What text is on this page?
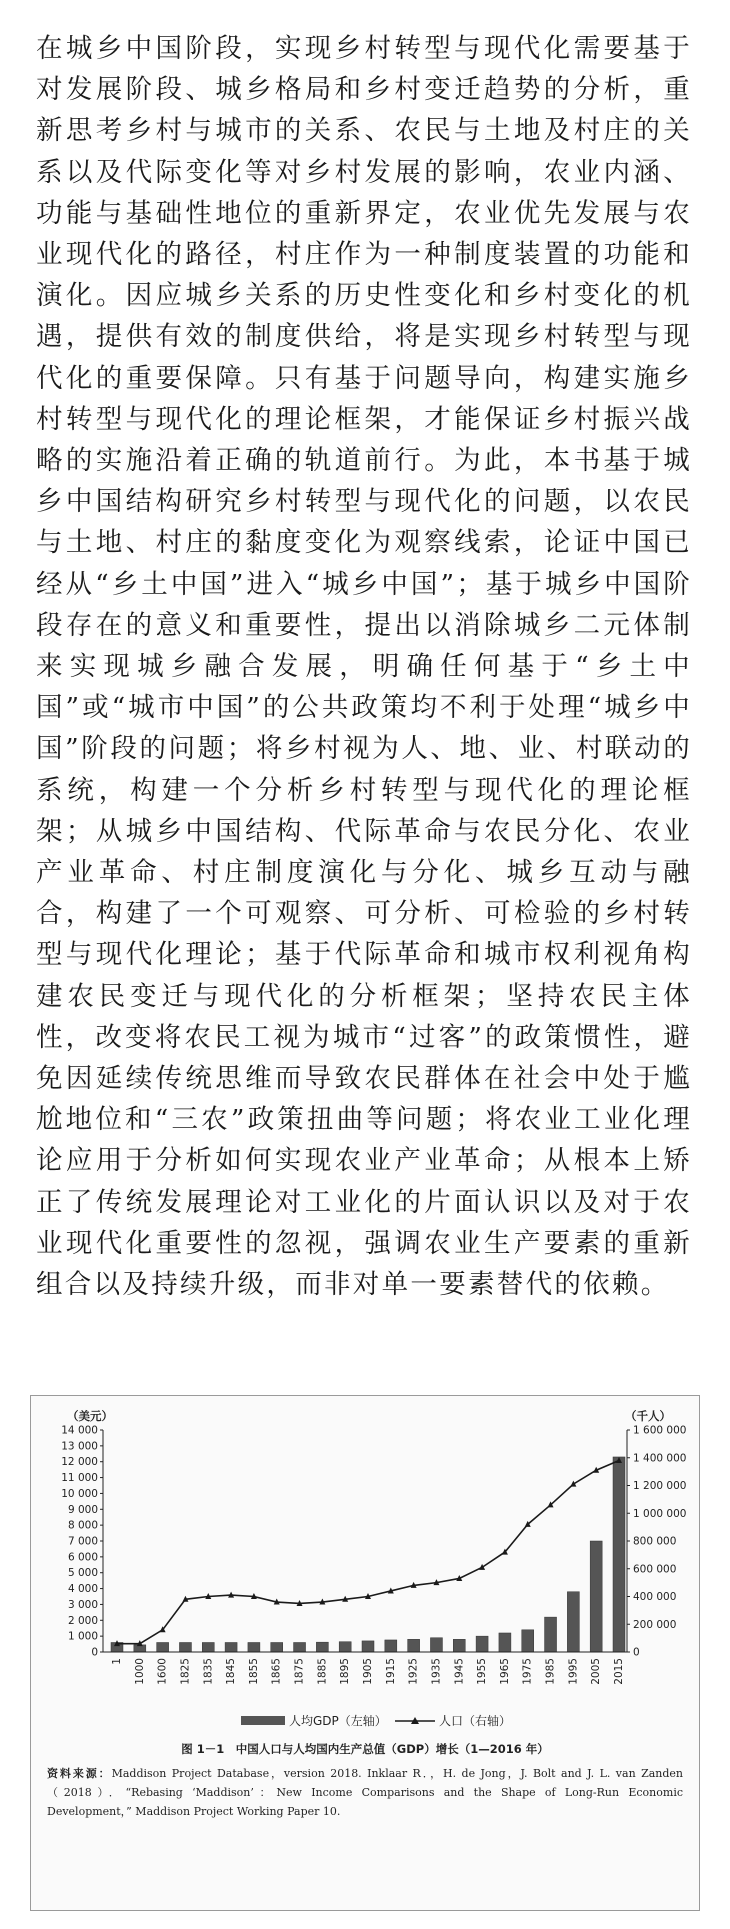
在城乡中国阶段，实现乡村转型与现代化需要基于对发展阶段、城乡格局和乡村变迁趋势的分析，重新思考乡村与城市的关系、农民与土地及村庄的关系以及代际变化等对乡村发展的影响，农业内涵、功能与基础性地位的重新界定，农业优先发展与农业现代化的路径，村庄作为一种制度装置的功能和演化。因应城乡关系的历史性变化和乡村变化的机遇，提供有效的制度供给，将是实现乡村转型与现代化的重要保障。只有基于问题导向，构建实施乡村转型与现代化的理论框架，才能保证乡村振兴战略的实施沿着正确的轨道前行。为此，本书基于城乡中国结构研究乡村转型与现代化的问题，以农民与土地、村庄的黏度变化为观察线索，论证中国已经从“乡土中国”进入“城乡中国”；基于城乡中国阶段存在的意义和重要性，提出以消除城乡二元体制来实现城乡融合发展，明确任何基于“乡土中国”或“城市中国”的公共政策均不利于处理“城乡中国”阶段的问题；将乡村视为人、地、业、村联动的系统，构建一个分析乡村转型与现代化的理论框架；从城乡中国结构、代际革命与农民分化、农业产业革命、村庄制度演化与分化、城乡互动与融合，构建了一个可观察、可分析、可检验的乡村转型与现代化理论；基于代际革命和城市权利视角构建农民变迁与现代化的分析框架；坚持农民主体性，改变将农民工视为城市“过客”的政策惯性，避免因延续传统思维而导致农民群体在社会中处于尴尬地位和“三农”政策扭曲等问题；将农业工业化理论应用于分析如何实现农业产业革命；从根本上矫正了传统发展理论对工业化的片面认识以及对于农业现代化重要性的忽视，强调农业生产要素的重新组合以及持续升级，而非对单一要素替代的依赖。

（美元）	（千人）
0
1 000
2 000
3 000
4 000
5 000
6 000
7 000
8 000
9 000
10 000
11 000
12 000
13 000
14 000
0
200 000
400 000
600 000
800 000
1 000 000
1 200 000
1 400 000
1 600 000
1 1000 1600 1825 1835 1845 1855 1865 1875 1885 1895 1905 1915 1925 1935 1945 1955 1965 1975 1985 1995 2005 2015
人均GDP（左轴）	人口（右轴）
图 1－1　中国人口与人均国内生产总值（GDP）增长（1—2016 年）
资料来源：Maddison Project Database，version 2018. Inklaar R．，H. de Jong，J. Bolt and J. L. van Zanden（2018）．“Rebasing ‘Maddison’：New Income Comparisons and the Shape of Long-Run Economic Development，” Maddison Project Working Paper 10.
